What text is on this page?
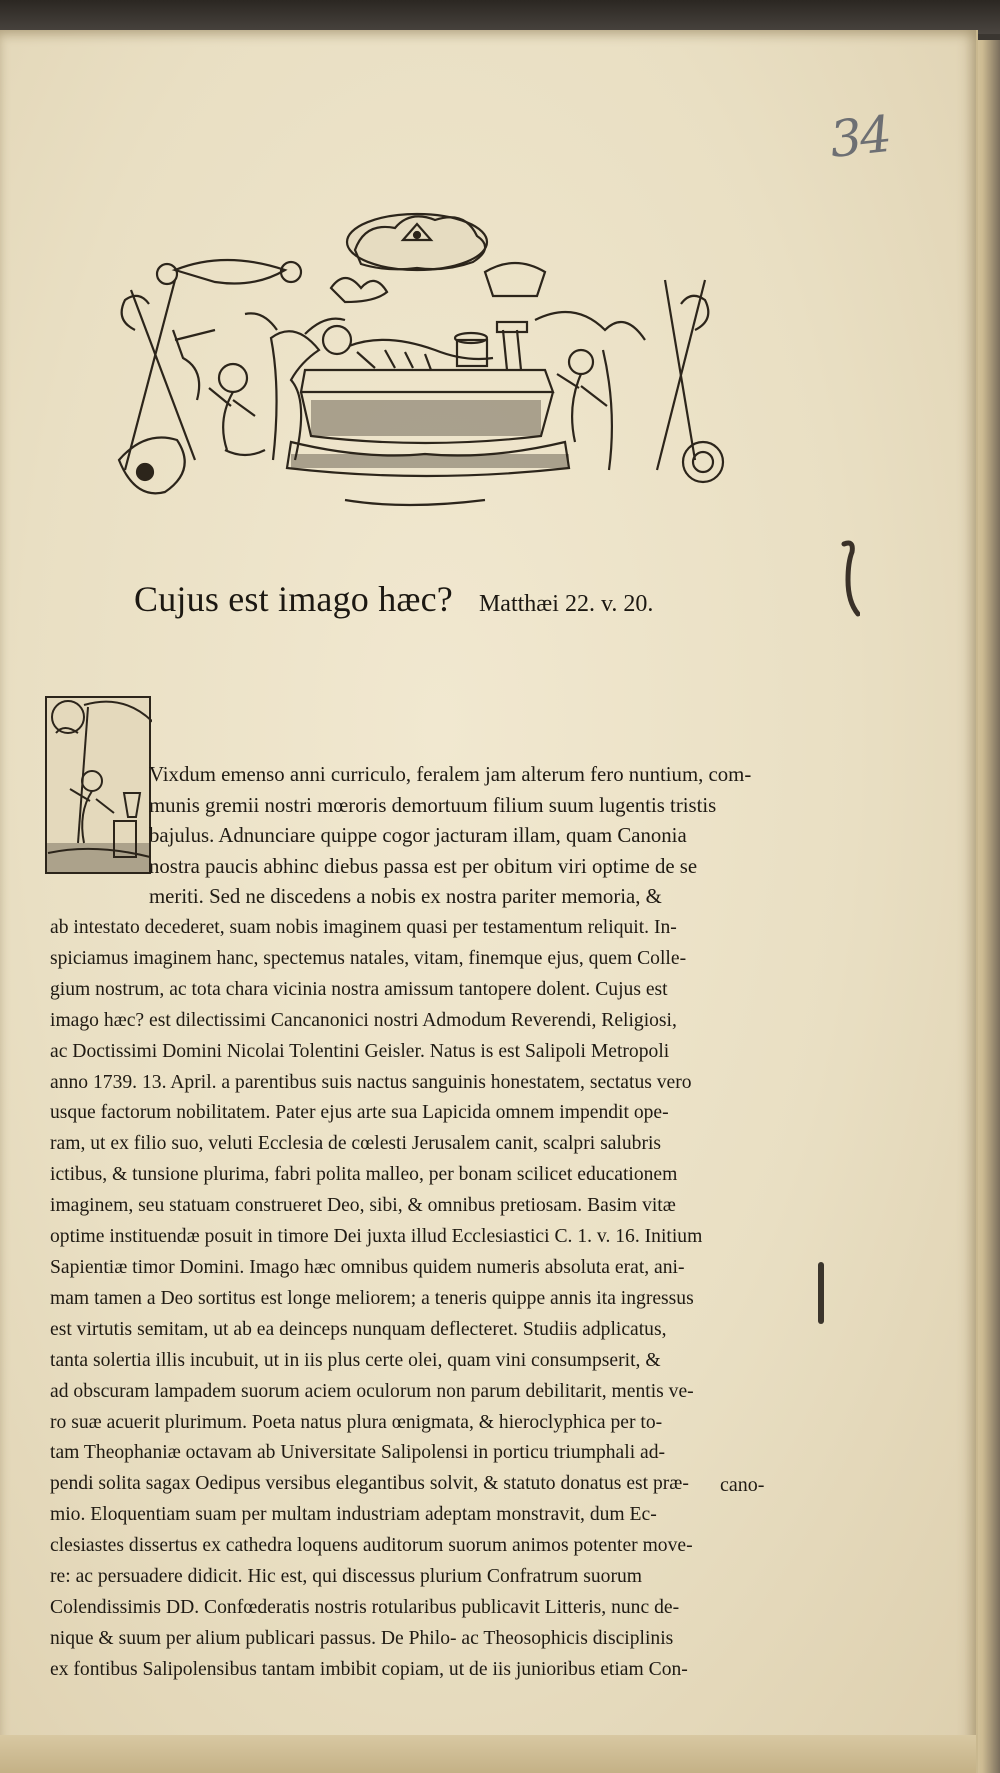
34
Cujus est imago hæc? Matthæi 22. v. 20.
Vixdum emenso anni curriculo, feralem jam alterum fero nuntium, com-
munis gremii nostri mœroris demortuum filium suum lugentis tristis
bajulus. Adnunciare quippe cogor jacturam illam, quam Canonia
nostra paucis abhinc diebus passa est per obitum viri optime de se
meriti. Sed ne discedens a nobis ex nostra pariter memoria, &
ab intestato decederet, suam nobis imaginem quasi per testamentum reliquit. In-
spiciamus imaginem hanc, spectemus natales, vitam, finemque ejus, quem Colle-
gium nostrum, ac tota chara vicinia nostra amissum tantopere dolent. Cujus est
imago hæc? est dilectissimi Cancanonici nostri Admodum Reverendi, Religiosi,
ac Doctissimi Domini Nicolai Tolentini Geisler. Natus is est Salipoli Metropoli
anno 1739. 13. April. a parentibus suis nactus sanguinis honestatem, sectatus vero
usque factorum nobilitatem. Pater ejus arte sua Lapicida omnem impendit ope-
ram, ut ex filio suo, veluti Ecclesia de cœlesti Jerusalem canit, scalpri salubris
ictibus, & tunsione plurima, fabri polita malleo, per bonam scilicet educationem
imaginem, seu statuam construeret Deo, sibi, & omnibus pretiosam. Basim vitæ
optime instituendæ posuit in timore Dei juxta illud Ecclesiastici C. 1. v. 16. Initium
Sapientiæ timor Domini. Imago hæc omnibus quidem numeris absoluta erat, ani-
mam tamen a Deo sortitus est longe meliorem; a teneris quippe annis ita ingressus
est virtutis semitam, ut ab ea deinceps nunquam deflecteret. Studiis adplicatus,
tanta solertia illis incubuit, ut in iis plus certe olei, quam vini consumpserit, &
ad obscuram lampadem suorum aciem oculorum non parum debilitarit, mentis ve-
ro suæ acuerit plurimum. Poeta natus plura œnigmata, & hieroclyphica per to-
tam Theophaniæ octavam ab Universitate Salipolensi in porticu triumphali ad-
pendi solita sagax Oedipus versibus elegantibus solvit, & statuto donatus est præ-
mio. Eloquentiam suam per multam industriam adeptam monstravit, dum Ec-
clesiastes dissertus ex cathedra loquens auditorum suorum animos potenter move-
re: ac persuadere didicit. Hic est, qui discessus plurium Confratrum suorum
Colendissimis DD. Confœderatis nostris rotularibus publicavit Litteris, nunc de-
nique & suum per alium publicari passus. De Philo- ac Theosophicis disciplinis
ex fontibus Salipolensibus tantam imbibit copiam, ut de iis junioribus etiam Con-
cano-
